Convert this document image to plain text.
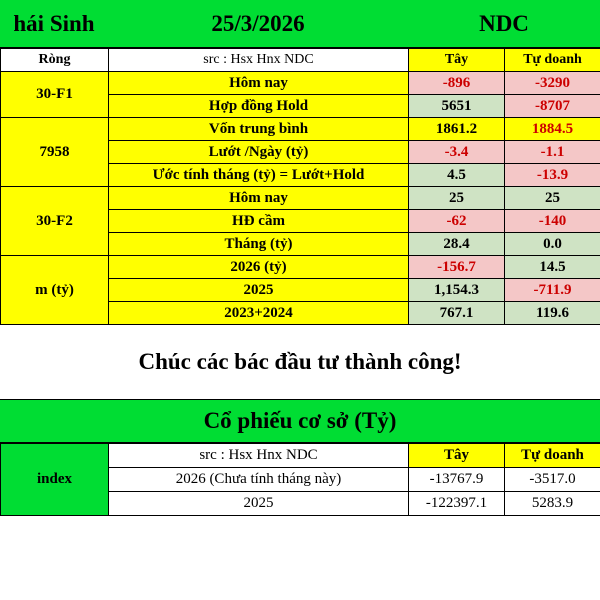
hái Sinh	25/3/2026	NDC
Ròng	src : Hsx Hnx NDC	Tây	Tự doanh
30-F1	Hôm nay	-896	-3290
	Hợp đồng Hold	5651	-8707
7958	Vốn trung bình	1861.2	1884.5
	Lướt /Ngày (tỷ)	-3.4	-1.1
	Ước tính tháng (tỷ) = Lướt+Hold	4.5	-13.9
30-F2	Hôm nay	25	25
	HĐ cầm	-62	-140
	Tháng (tỷ)	28.4	0.0
m (tỷ)	2026 (tỷ)	-156.7	14.5
	2025	1,154.3	-711.9
	2023+2024	767.1	119.6
Chúc các bác đầu tư thành công!
Cổ phiếu cơ sở (Tỷ)
index	src : Hsx Hnx NDC	Tây	Tự doanh
	2026 (Chưa tính tháng này)	-13767.9	-3517.0
	2025	-122397.1	5283.9
